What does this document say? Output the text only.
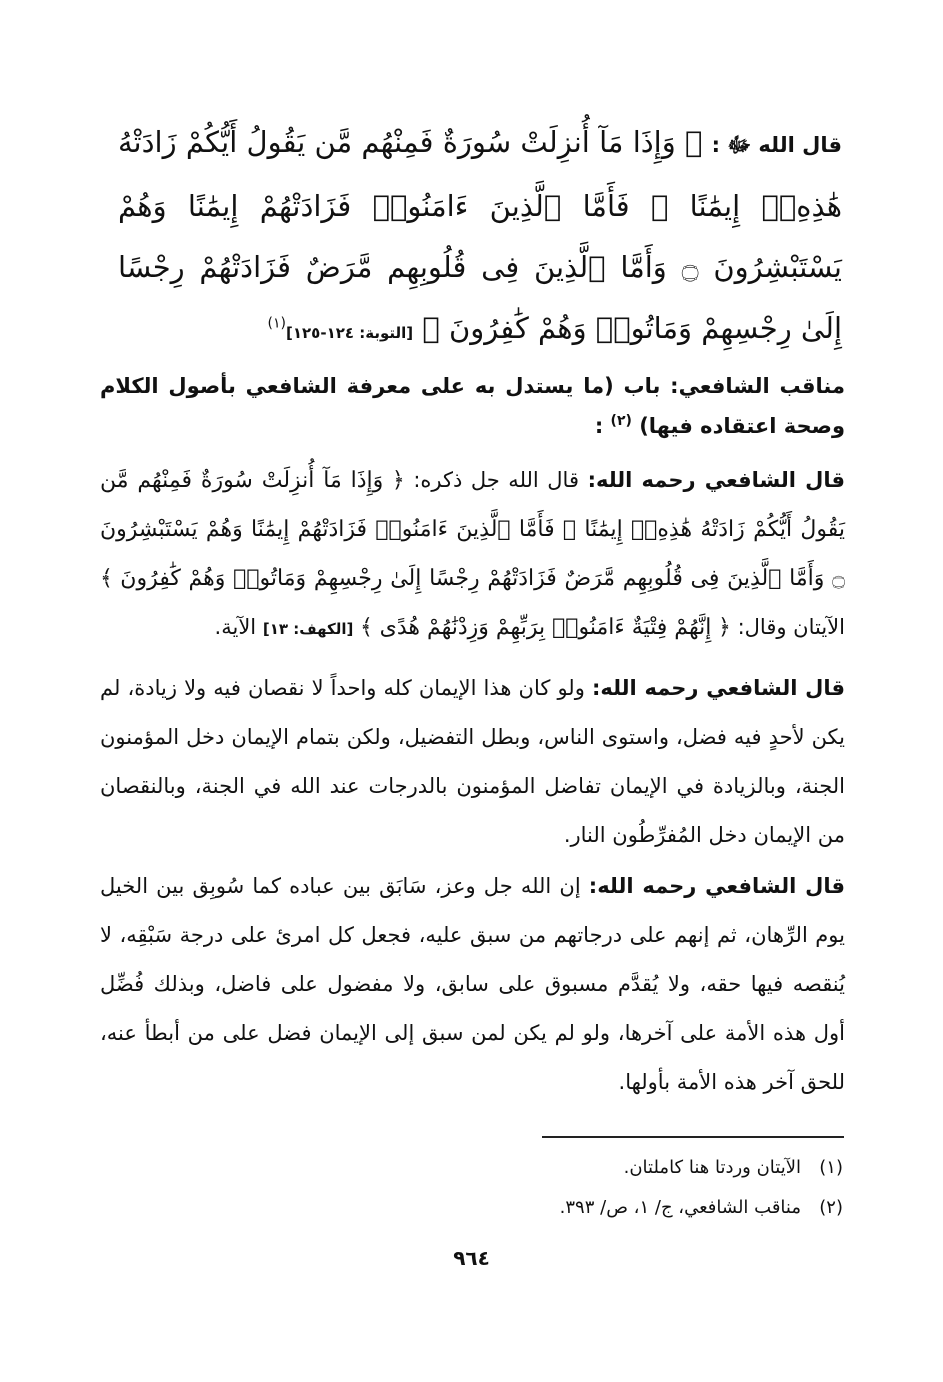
قال الله ﷻ : ﴿ وَإِذَا مَآ أُنزِلَتْ سُورَةٌ فَمِنْهُم مَّن يَقُولُ أَيُّكُمْ زَادَتْهُ هَٰذِهِۦٓ إِيمَٰنًا ۚ فَأَمَّا ٱلَّذِينَ ءَامَنُوا۟ فَزَادَتْهُمْ إِيمَٰنًا وَهُمْ يَسْتَبْشِرُونَ ۝ وَأَمَّا ٱلَّذِينَ فِى قُلُوبِهِم مَّرَضٌ فَزَادَتْهُمْ رِجْسًا إِلَىٰ رِجْسِهِمْ وَمَاتُوا۟ وَهُمْ كَٰفِرُونَ ﴾ [التوبة: ١٢٤-١٢٥]$^{(١)}$
مناقب الشافعي: باب (ما يستدل به على معرفة الشافعي بأصول الكلام وصحة اعتقاده فيها) $^{(٢)}$ :
قال الشافعي رحمه الله: قال الله جل ذكره: ﴿ وَإِذَا مَآ أُنزِلَتْ سُورَةٌ فَمِنْهُم مَّن يَقُولُ أَيُّكُمْ زَادَتْهُ هَٰذِهِۦٓ إِيمَٰنًا ۚ فَأَمَّا ٱلَّذِينَ ءَامَنُوا۟ فَزَادَتْهُمْ إِيمَٰنًا وَهُمْ يَسْتَبْشِرُونَ ۝ وَأَمَّا ٱلَّذِينَ فِى قُلُوبِهِم مَّرَضٌ فَزَادَتْهُمْ رِجْسًا إِلَىٰ رِجْسِهِمْ وَمَاتُوا۟ وَهُمْ كَٰفِرُونَ ﴾ الآيتان وقال: ﴿ إِنَّهُمْ فِتْيَةٌ ءَامَنُوا۟ بِرَبِّهِمْ وَزِدْنَٰهُمْ هُدًى ﴾ [الكهف: ١٣] الآية.
قال الشافعي رحمه الله: ولو كان هذا الإيمان كله واحداً لا نقصان فيه ولا زيادة، لم يكن لأحدٍ فيه فضل، واستوى الناس، وبطل التفضيل، ولكن بتمام الإيمان دخل المؤمنون الجنة، وبالزيادة في الإيمان تفاضل المؤمنون بالدرجات عند الله في الجنة، وبالنقصان من الإيمان دخل المُفرِّطُون النار.
قال الشافعي رحمه الله: إن الله جل وعز، سَابَق بين عباده كما سُوبِق بين الخيل يوم الرِّهان، ثم إنهم على درجاتهم من سبق عليه، فجعل كل امرئ على درجة سَبْقِه، لا يُنقصه فيها حقه، ولا يُقدَّم مسبوق على سابق، ولا مفضول على فاضل، وبذلك فُضِّل أول هذه الأمة على آخرها، ولو لم يكن لمن سبق إلى الإيمان فضل على من أبطأ عنه، للحق آخر هذه الأمة بأولها.
(١)
الآيتان وردتا هنا كاملتان.
(٢)
مناقب الشافعي، ج/ ١، ص/ ٣٩٣.
٩٦٤
